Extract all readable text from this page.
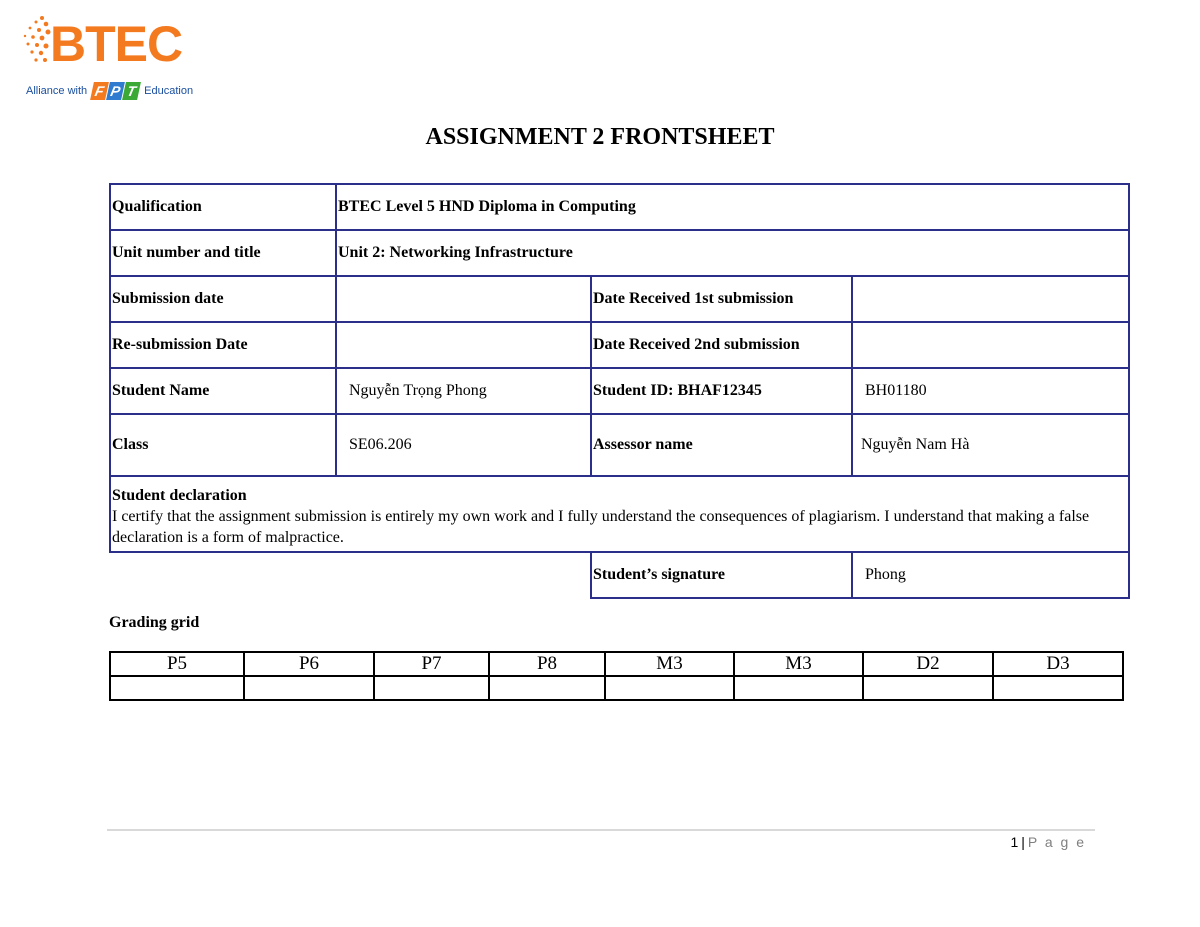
BTEC
Alliance with F P T Education
ASSIGNMENT 2 FRONTSHEET
Qualification	BTEC Level 5 HND Diploma in Computing		
Unit number and title	Unit 2: Networking Infrastructure		
Submission date		Date Received 1st submission	
Re-submission Date		Date Received 2nd submission	
Student Name	Nguyễn Trọng Phong	Student ID: BHAF12345	BH01180
Class	SE06.206	Assessor name	Nguyễn Nam Hà

Student declaration
I certify that the assignment submission is entirely my own work and I fully understand the consequences of plagiarism. I understand that making a false declaration is a form of malpractice.			

		Student’s signature	Phong
Grading grid
P5	P6	P7	P8	M3	M3	D2	D3

1 | P a g e
